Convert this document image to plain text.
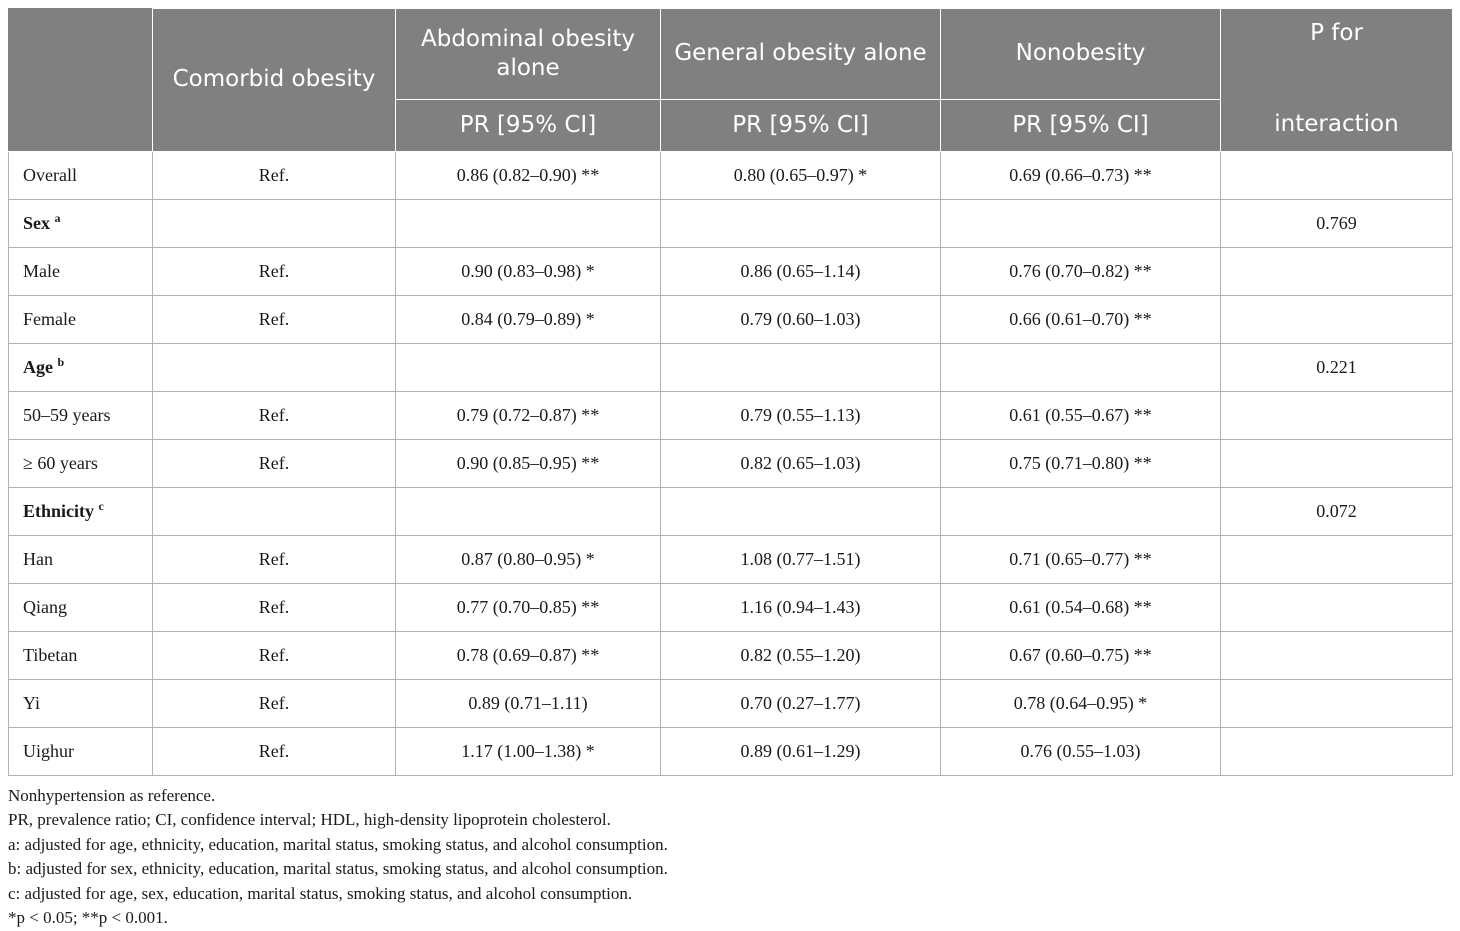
	Comorbid obesity	Abdominal obesity alone	General obesity alone	Nonobesity	P for
		PR [95% CI]	PR [95% CI]	PR [95% CI]	interaction
Overall	Ref.	0.86 (0.82–0.90) **	0.80 (0.65–0.97) *	0.69 (0.66–0.73) **	
Sex $^a$					0.769
Male	Ref.	0.90 (0.83–0.98) *	0.86 (0.65–1.14)	0.76 (0.70–0.82) **	
Female	Ref.	0.84 (0.79–0.89) *	0.79 (0.60–1.03)	0.66 (0.61–0.70) **	
Age $^b$					0.221
50–59 years	Ref.	0.79 (0.72–0.87) **	0.79 (0.55–1.13)	0.61 (0.55–0.67) **	
≥ 60 years	Ref.	0.90 (0.85–0.95) **	0.82 (0.65–1.03)	0.75 (0.71–0.80) **	
Ethnicity $^c$					0.072
Han	Ref.	0.87 (0.80–0.95) *	1.08 (0.77–1.51)	0.71 (0.65–0.77) **	
Qiang	Ref.	0.77 (0.70–0.85) **	1.16 (0.94–1.43)	0.61 (0.54–0.68) **	
Tibetan	Ref.	0.78 (0.69–0.87) **	0.82 (0.55–1.20)	0.67 (0.60–0.75) **	
Yi	Ref.	0.89 (0.71–1.11)	0.70 (0.27–1.77)	0.78 (0.64–0.95) *	
Uighur	Ref.	1.17 (1.00–1.38) *	0.89 (0.61–1.29)	0.76 (0.55–1.03)	
Nonhypertension as reference.
PR, prevalence ratio; CI, confidence interval; HDL, high-density lipoprotein cholesterol.
a: adjusted for age, ethnicity, education, marital status, smoking status, and alcohol consumption.
b: adjusted for sex, ethnicity, education, marital status, smoking status, and alcohol consumption.
c: adjusted for age, sex, education, marital status, smoking status, and alcohol consumption.
*p < 0.05; **p < 0.001.
